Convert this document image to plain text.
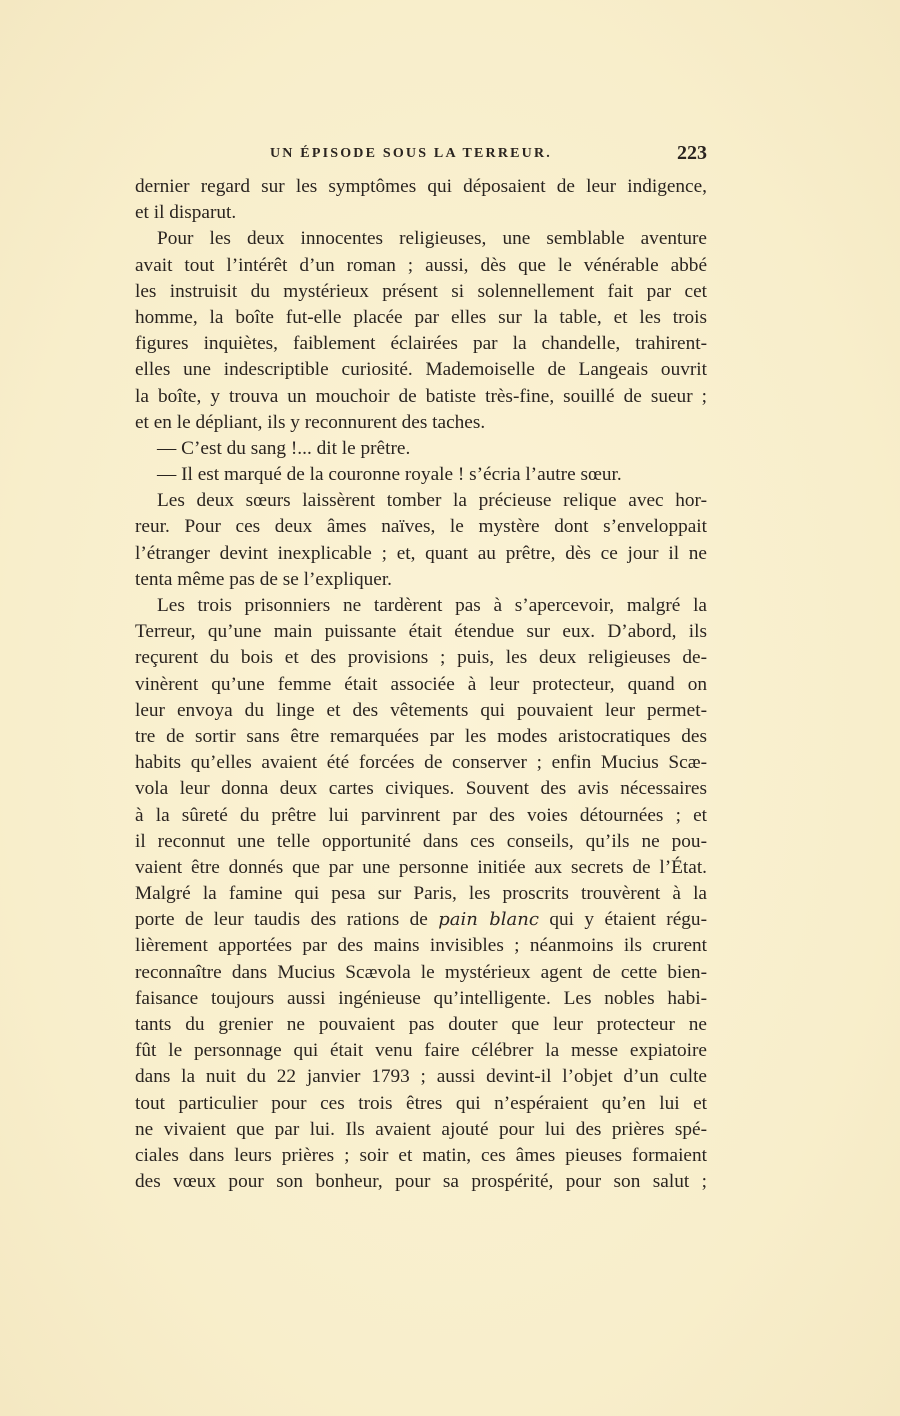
UN ÉPISODE SOUS LA TERREUR.	223
dernier regard sur les symptômes qui déposaient de leur indigence,
et il disparut.
Pour les deux innocentes religieuses, une semblable aventure
avait tout l’intérêt d’un roman ; aussi, dès que le vénérable abbé
les instruisit du mystérieux présent si solennellement fait par cet
homme, la boîte fut-elle placée par elles sur la table, et les trois
figures inquiètes, faiblement éclairées par la chandelle, trahirent-
elles une indescriptible curiosité. Mademoiselle de Langeais ouvrit
la boîte, y trouva un mouchoir de batiste très-fine, souillé de sueur ;
et en le dépliant, ils y reconnurent des taches.
— C’est du sang !... dit le prêtre.
— Il est marqué de la couronne royale ! s’écria l’autre sœur.
Les deux sœurs laissèrent tomber la précieuse relique avec hor-
reur. Pour ces deux âmes naïves, le mystère dont s’enveloppait
l’étranger devint inexplicable ; et, quant au prêtre, dès ce jour il ne
tenta même pas de se l’expliquer.
Les trois prisonniers ne tardèrent pas à s’apercevoir, malgré la
Terreur, qu’une main puissante était étendue sur eux. D’abord, ils
reçurent du bois et des provisions ; puis, les deux religieuses de-
vinèrent qu’une femme était associée à leur protecteur, quand on
leur envoya du linge et des vêtements qui pouvaient leur permet-
tre de sortir sans être remarquées par les modes aristocratiques des
habits qu’elles avaient été forcées de conserver ; enfin Mucius Scæ-
vola leur donna deux cartes civiques. Souvent des avis nécessaires
à la sûreté du prêtre lui parvinrent par des voies détournées ; et
il reconnut une telle opportunité dans ces conseils, qu’ils ne pou-
vaient être donnés que par une personne initiée aux secrets de l’État.
Malgré la famine qui pesa sur Paris, les proscrits trouvèrent à la
porte de leur taudis des rations de pain blanc qui y étaient régu-
lièrement apportées par des mains invisibles ; néanmoins ils crurent
reconnaître dans Mucius Scævola le mystérieux agent de cette bien-
faisance toujours aussi ingénieuse qu’intelligente. Les nobles habi-
tants du grenier ne pouvaient pas douter que leur protecteur ne
fût le personnage qui était venu faire célébrer la messe expiatoire
dans la nuit du 22 janvier 1793 ; aussi devint-il l’objet d’un culte
tout particulier pour ces trois êtres qui n’espéraient qu’en lui et
ne vivaient que par lui. Ils avaient ajouté pour lui des prières spé-
ciales dans leurs prières ; soir et matin, ces âmes pieuses formaient
des vœux pour son bonheur, pour sa prospérité, pour son salut ;
